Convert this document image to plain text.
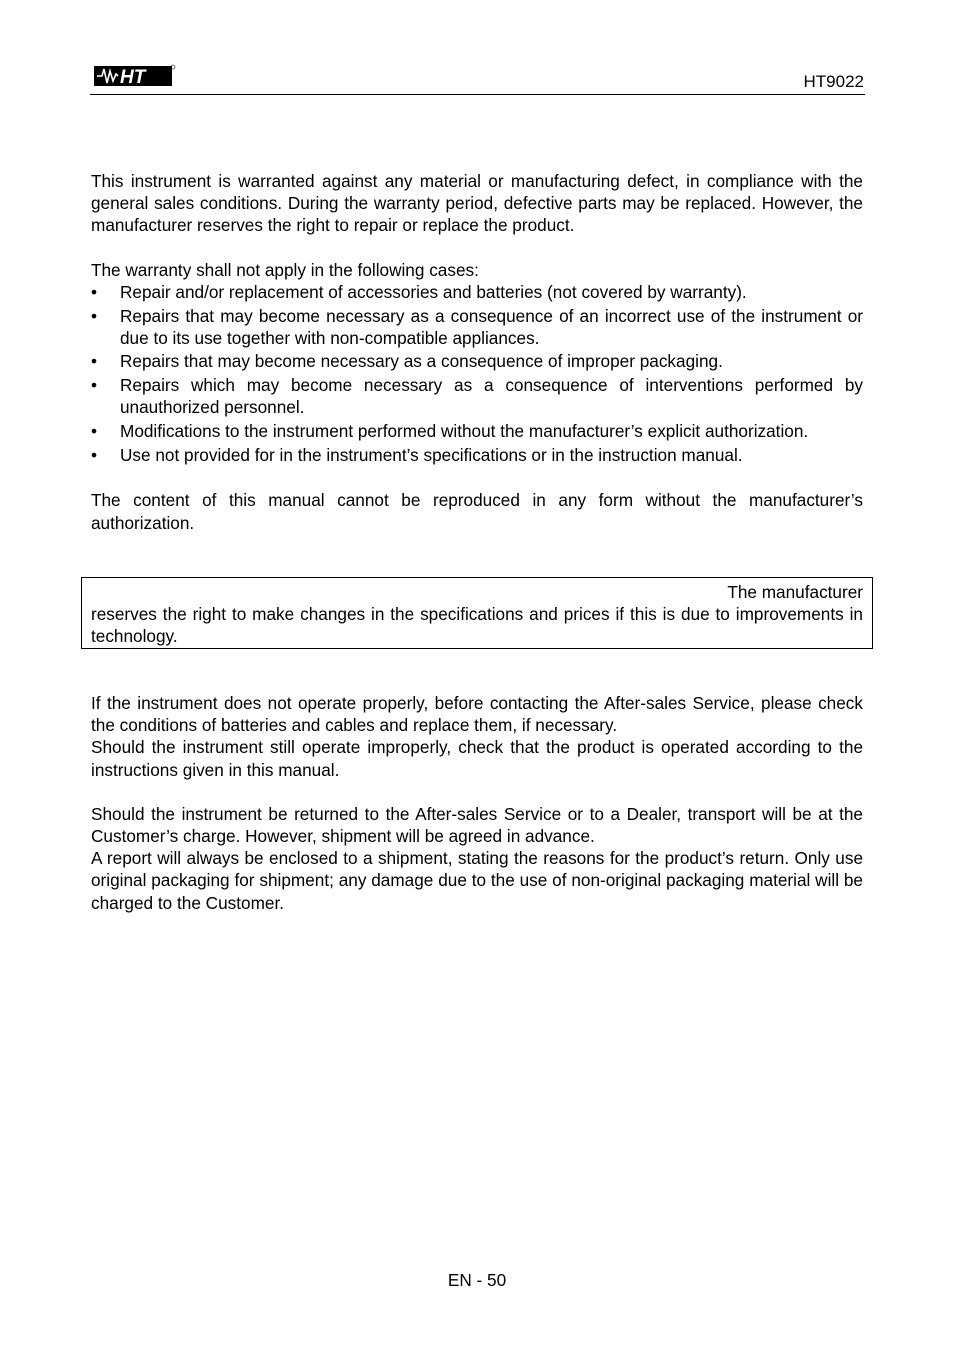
HT	HT9022

This instrument is warranted against any material or manufacturing defect, in compliance with the general sales conditions. During the warranty period, defective parts may be replaced. However, the manufacturer reserves the right to repair or replace the product.

The warranty shall not apply in the following cases:

• Repair and/or replacement of accessories and batteries (not covered by warranty).
• Repairs that may become necessary as a consequence of an incorrect use of the instrument or due to its use together with non-compatible appliances.
• Repairs that may become necessary as a consequence of improper packaging.
• Repairs which may become necessary as a consequence of interventions performed by unauthorized personnel.
• Modifications to the instrument performed without the manufacturer’s explicit authorization.
• Use not provided for in the instrument’s specifications or in the instruction manual.

The content of this manual cannot be reproduced in any form without the manufacturer’s authorization.

The manufacturer

reserves the right to make changes in the specifications and prices if this is due to improvements in technology.

If the instrument does not operate properly, before contacting the After-sales Service, please check the conditions of batteries and cables and replace them, if necessary.

Should the instrument still operate improperly, check that the product is operated according to the instructions given in this manual.

Should the instrument be returned to the After-sales Service or to a Dealer, transport will be at the Customer’s charge. However, shipment will be agreed in advance.

A report will always be enclosed to a shipment, stating the reasons for the product’s return. Only use original packaging for shipment; any damage due to the use of non-original packaging material will be charged to the Customer.

EN - 50
